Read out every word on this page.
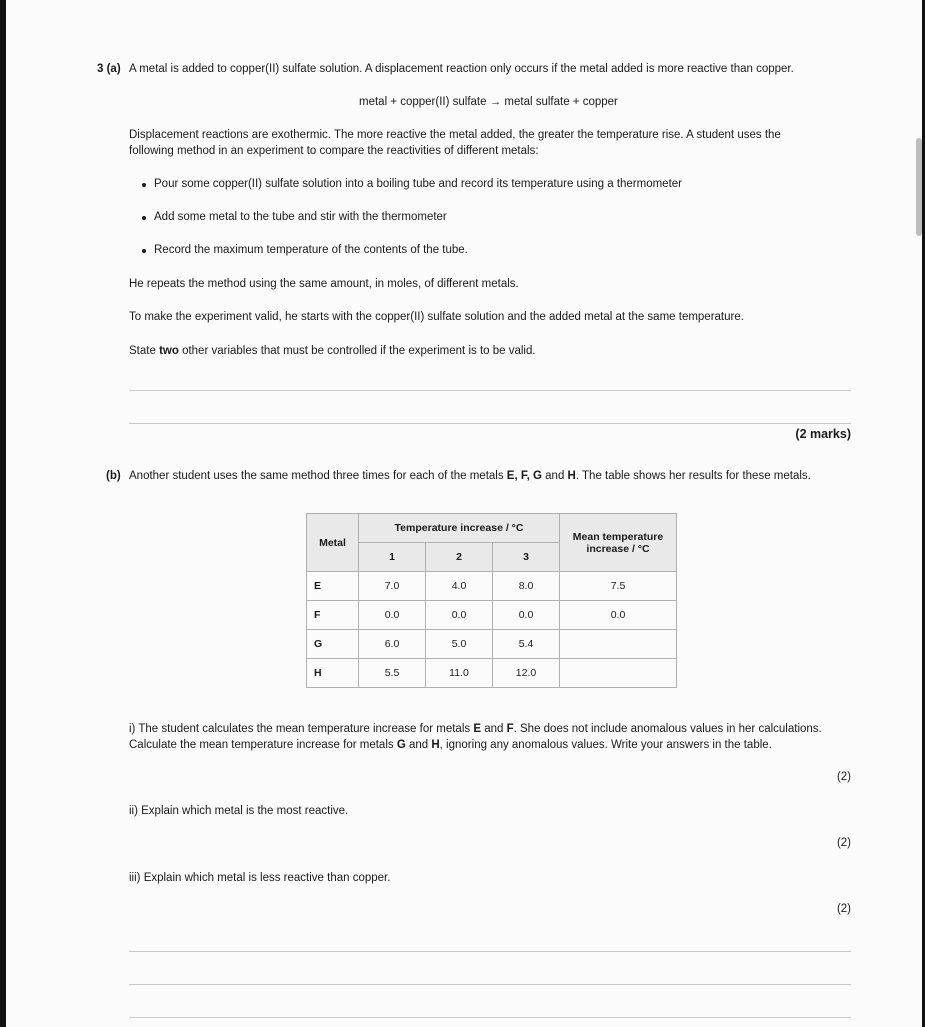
3 (a) A metal is added to copper(II) sulfate solution. A displacement reaction only occurs if the metal added is more reactive than copper.
metal + copper(II) sulfate → metal sulfate + copper
Displacement reactions are exothermic. The more reactive the metal added, the greater the temperature rise. A student uses the
following method in an experiment to compare the reactivities of different metals:
Pour some copper(II) sulfate solution into a boiling tube and record its temperature using a thermometer
Add some metal to the tube and stir with the thermometer
Record the maximum temperature of the contents of the tube.
He repeats the method using the same amount, in moles, of different metals.
To make the experiment valid, he starts with the copper(II) sulfate solution and the added metal at the same temperature.
State two other variables that must be controlled if the experiment is to be valid.
(2 marks)
(b) Another student uses the same method three times for each of the metals E, F, G and H. The table shows her results for these metals.
Metal	Temperature increase / °C			Mean temperature
increase / °C

	1	2	3	
E	7.0	4.0	8.0	7.5
F	0.0	0.0	0.0	0.0
G	6.0	5.0	5.4	
H	5.5	11.0	12.0	
i) The student calculates the mean temperature increase for metals E and F. She does not include anomalous values in her calculations.
Calculate the mean temperature increase for metals G and H, ignoring any anomalous values. Write your answers in the table.
(2)
ii) Explain which metal is the most reactive.
(2)
iii) Explain which metal is less reactive than copper.
(2)
